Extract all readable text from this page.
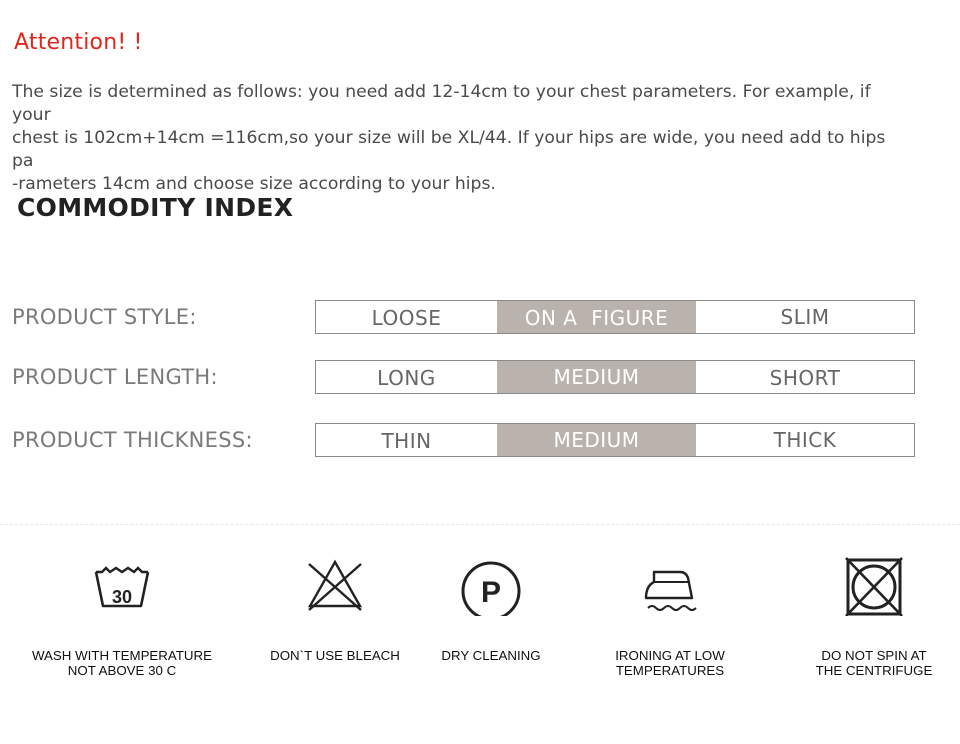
Attention! !
The size is determined as follows: you need add 12-14cm to your chest parameters. For example, if your
chest is 102cm+14cm =116cm,so your size will be XL/44. If your hips are wide, you need add to hips pa
-rameters 14cm and choose size according to your hips.
COMMODITY INDEX
PRODUCT STYLE:	LOOSE	ON A  FIGURE	SLIM
PRODUCT LENGTH:	LONG	MEDIUM	SHORT
PRODUCT THICKNESS:	THIN	MEDIUM	THICK
30
WASH WITH TEMPERATURE
NOT ABOVE 30 C
DON`T USE BLEACH
P
DRY CLEANING	IRONING AT LOW
TEMPERATURES
DO NOT SPIN AT
THE CENTRIFUGE
